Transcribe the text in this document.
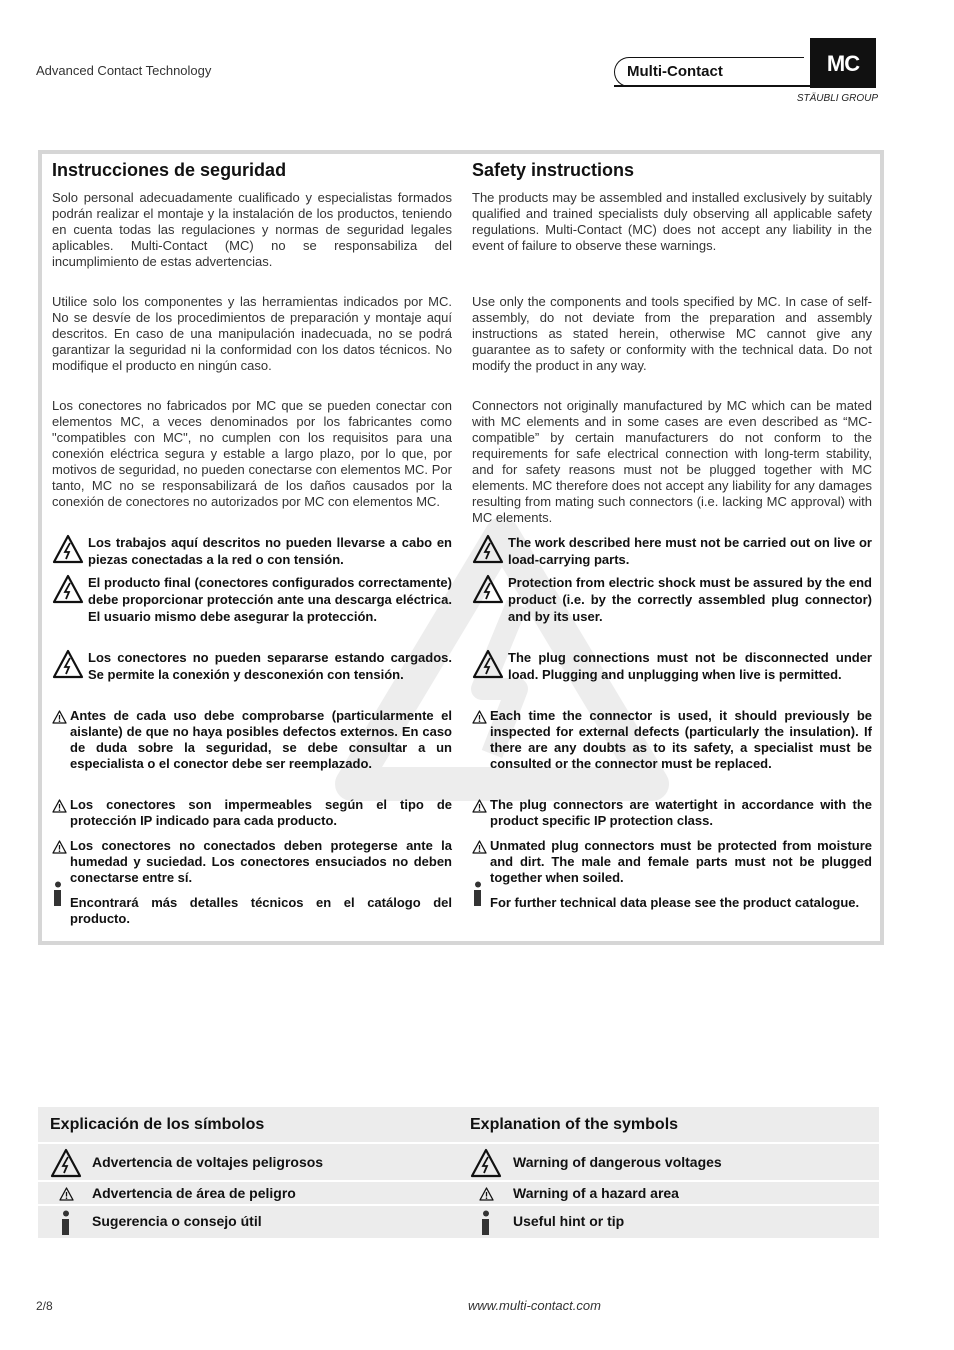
Advanced Contact Technology	Multi-Contact	MC
STÄUBLI GROUP
Instrucciones de seguridad
Solo personal adecuadamente cualificado y especialistas formados podrán realizar el montaje y la instalación de los productos, teniendo en cuenta todas las regulaciones y normas de seguridad legales aplicables. Multi-Contact (MC) no se responsabiliza del incumplimiento de estas advertencias.
Utilice solo los componentes y las herramientas indicados por MC. No se desvíe de los procedimientos de preparación y montaje aquí descritos. En caso de una manipulación inadecuada, no se podrá garantizar la seguridad ni la conformidad con los datos técnicos. No modifique el producto en ningún caso.
Los conectores no fabricados por MC que se pueden conectar con elementos MC, a veces denominados por los fabricantes como "compatibles con MC", no cumplen con los requisitos para una conexión eléctrica segura y estable a largo plazo, por lo que, por motivos de seguridad, no pueden conectarse con elementos MC. Por tanto, MC no se responsabilizará de los daños causados por la conexión de conectores no autorizados por MC con elementos MC.
Los trabajos aquí descritos no pueden llevarse a cabo en piezas conectadas a la red o con tensión.
El producto final (conectores configurados correctamente) debe proporcionar protección ante una descarga eléctrica. El usuario mismo debe asegurar la protección.
Los conectores no pueden separarse estando cargados. Se permite la conexión y desconexión con tensión.
Antes de cada uso debe comprobarse (particularmente el aislante) de que no haya posibles defectos externos. En caso de duda sobre la seguridad, se debe consultar a un especialista o el conector debe ser reemplazado.
Los conectores son impermeables según el tipo de protección IP indicado para cada producto.
Los conectores no conectados deben protegerse ante la humedad y suciedad. Los conectores ensuciados no deben conectarse entre sí.
Encontrará más detalles técnicos en el catálogo del producto.
Safety instructions
The products may be assembled and installed exclusively by suitably qualified and trained specialists duly observing all applicable safety regulations. Multi-Contact (MC) does not accept any liability in the event of failure to observe these warnings.
Use only the components and tools specified by MC. In case of self-assembly, do not deviate from the preparation and assembly instructions as stated herein, otherwise MC cannot give any guarantee as to safety or conformity with the technical data. Do not modify the product in any way.
Connectors not originally manufactured by MC which can be mated with MC elements and in some cases are even described as “MC-compatible” by certain manufacturers do not conform to the requirements for safe electrical connection with long-term stability, and for safety reasons must not be plugged together with MC elements. MC therefore does not accept any liability for any damages resulting from mating such connectors (i.e. lacking MC approval) with MC elements.
The work described here must not be carried out on live or load-carrying parts.
Protection from electric shock must be assured by the end product (i.e. by the correctly assembled plug connector) and by its user.
The plug connections must not be disconnected under load. Plugging and unplugging when live is permitted.
Each time the connector is used, it should previously be inspected for external defects (particularly the insulation). If there are any doubts as to its safety, a specialist must be consulted or the connector must be replaced.
The plug connectors are watertight in accordance with the product specific IP protection class.
Unmated plug connectors must be protected from moisture and dirt. The male and female parts must not be plugged together when soiled.
For further technical data please see the product catalogue.
Explicación de los símbolos	Explanation of the symbols
Advertencia de voltajes peligrosos	Warning of dangerous voltages
Advertencia de área de peligro	Warning of a hazard area
Sugerencia o consejo útil	Useful hint or tip
2/8	www.multi-contact.com
